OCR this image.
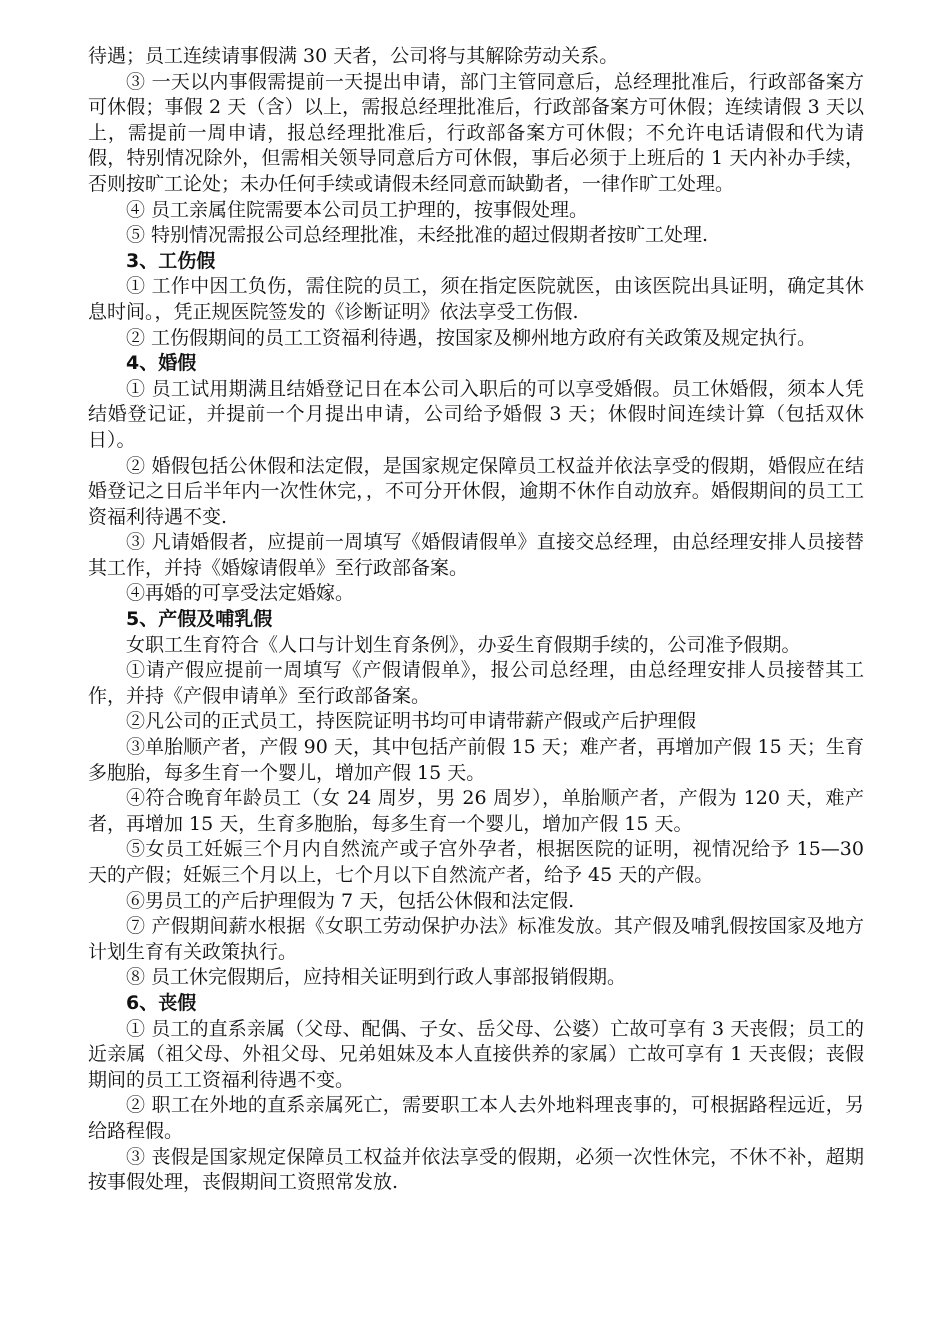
待遇；员工连续请事假满 30 天者，公司将与其解除劳动关系。

③ 一天以内事假需提前一天提出申请，部门主管同意后，总经理批准后，行政部备案方可休假；事假 2 天（含）以上，需报总经理批准后，行政部备案方可休假；连续请假 3 天以上，需提前一周申请，报总经理批准后，行政部备案方可休假；不允许电话请假和代为请假，特别情况除外，但需相关领导同意后方可休假，事后必须于上班后的 1 天内补办手续，否则按旷工论处；未办任何手续或请假未经同意而缺勤者，一律作旷工处理。

④ 员工亲属住院需要本公司员工护理的，按事假处理。

⑤ 特别情况需报公司总经理批准，未经批准的超过假期者按旷工处理.

3、工伤假

① 工作中因工负伤，需住院的员工，须在指定医院就医，由该医院出具证明，确定其休息时间。，凭正规医院签发的《诊断证明》依法享受工伤假.

② 工伤假期间的员工工资福利待遇，按国家及柳州地方政府有关政策及规定执行。

4、婚假

① 员工试用期满且结婚登记日在本公司入职后的可以享受婚假。员工休婚假，须本人凭结婚登记证，并提前一个月提出申请，公司给予婚假 3 天；休假时间连续计算（包括双休日）。

② 婚假包括公休假和法定假，是国家规定保障员工权益并依法享受的假期，婚假应在结婚登记之日后半年内一次性休完，，不可分开休假，逾期不休作自动放弃。婚假期间的员工工资福利待遇不变.

③ 凡请婚假者，应提前一周填写《婚假请假单》直接交总经理，由总经理安排人员接替其工作，并持《婚嫁请假单》至行政部备案。

④再婚的可享受法定婚嫁。

5、产假及哺乳假

女职工生育符合《人口与计划生育条例》，办妥生育假期手续的，公司准予假期。

①请产假应提前一周填写《产假请假单》，报公司总经理，由总经理安排人员接替其工作，并持《产假申请单》至行政部备案。

②凡公司的正式员工，持医院证明书均可申请带薪产假或产后护理假

③单胎顺产者，产假 90 天，其中包括产前假 15 天；难产者，再增加产假 15 天；生育多胞胎，每多生育一个婴儿，增加产假 15 天。

④符合晚育年龄员工（女 24 周岁，男 26 周岁），单胎顺产者，产假为 120 天，难产者，再增加 15 天，生育多胞胎，每多生育一个婴儿，增加产假 15 天。

⑤女员工妊娠三个月内自然流产或子宫外孕者，根据医院的证明，视情况给予 15—30 天的产假；妊娠三个月以上，七个月以下自然流产者，给予 45 天的产假。

⑥男员工的产后护理假为 7 天，包括公休假和法定假.

⑦ 产假期间薪水根据《女职工劳动保护办法》标准发放。其产假及哺乳假按国家及地方计划生育有关政策执行。

⑧ 员工休完假期后，应持相关证明到行政人事部报销假期。

6、丧假

① 员工的直系亲属（父母、配偶、子女、岳父母、公婆）亡故可享有 3 天丧假；员工的近亲属（祖父母、外祖父母、兄弟姐妹及本人直接供养的家属）亡故可享有 1 天丧假；丧假期间的员工工资福利待遇不变。

② 职工在外地的直系亲属死亡，需要职工本人去外地料理丧事的，可根据路程远近，另给路程假。

③ 丧假是国家规定保障员工权益并依法享受的假期，必须一次性休完，不休不补，超期按事假处理，丧假期间工资照常发放.
